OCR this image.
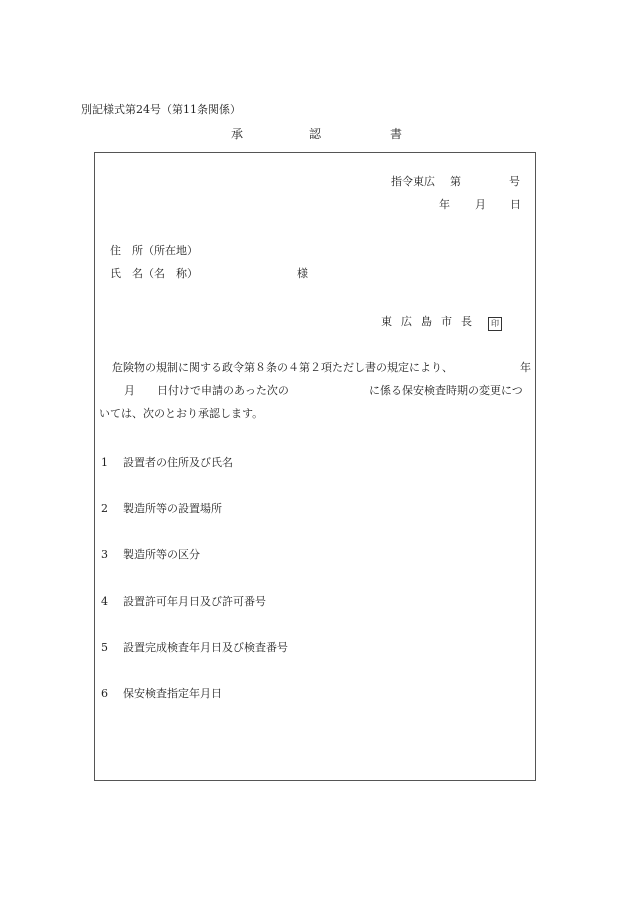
別記様式第24号（第11条関係）
承	認	書
指令東広 第	号
年 月 日
住　所（所在地）
氏　名（名　称）	様
東 広 島 市 長 印
危険物の規制に関する政令第８条の４第２項ただし書の規定により、	年
月　　日付けで申請のあった次の	に係る保安検査時期の変更につ
いては、次のとおり承認します。
1 設置者の住所及び氏名
2 製造所等の設置場所
3 製造所等の区分
4 設置許可年月日及び許可番号
5 設置完成検査年月日及び検査番号
6 保安検査指定年月日
